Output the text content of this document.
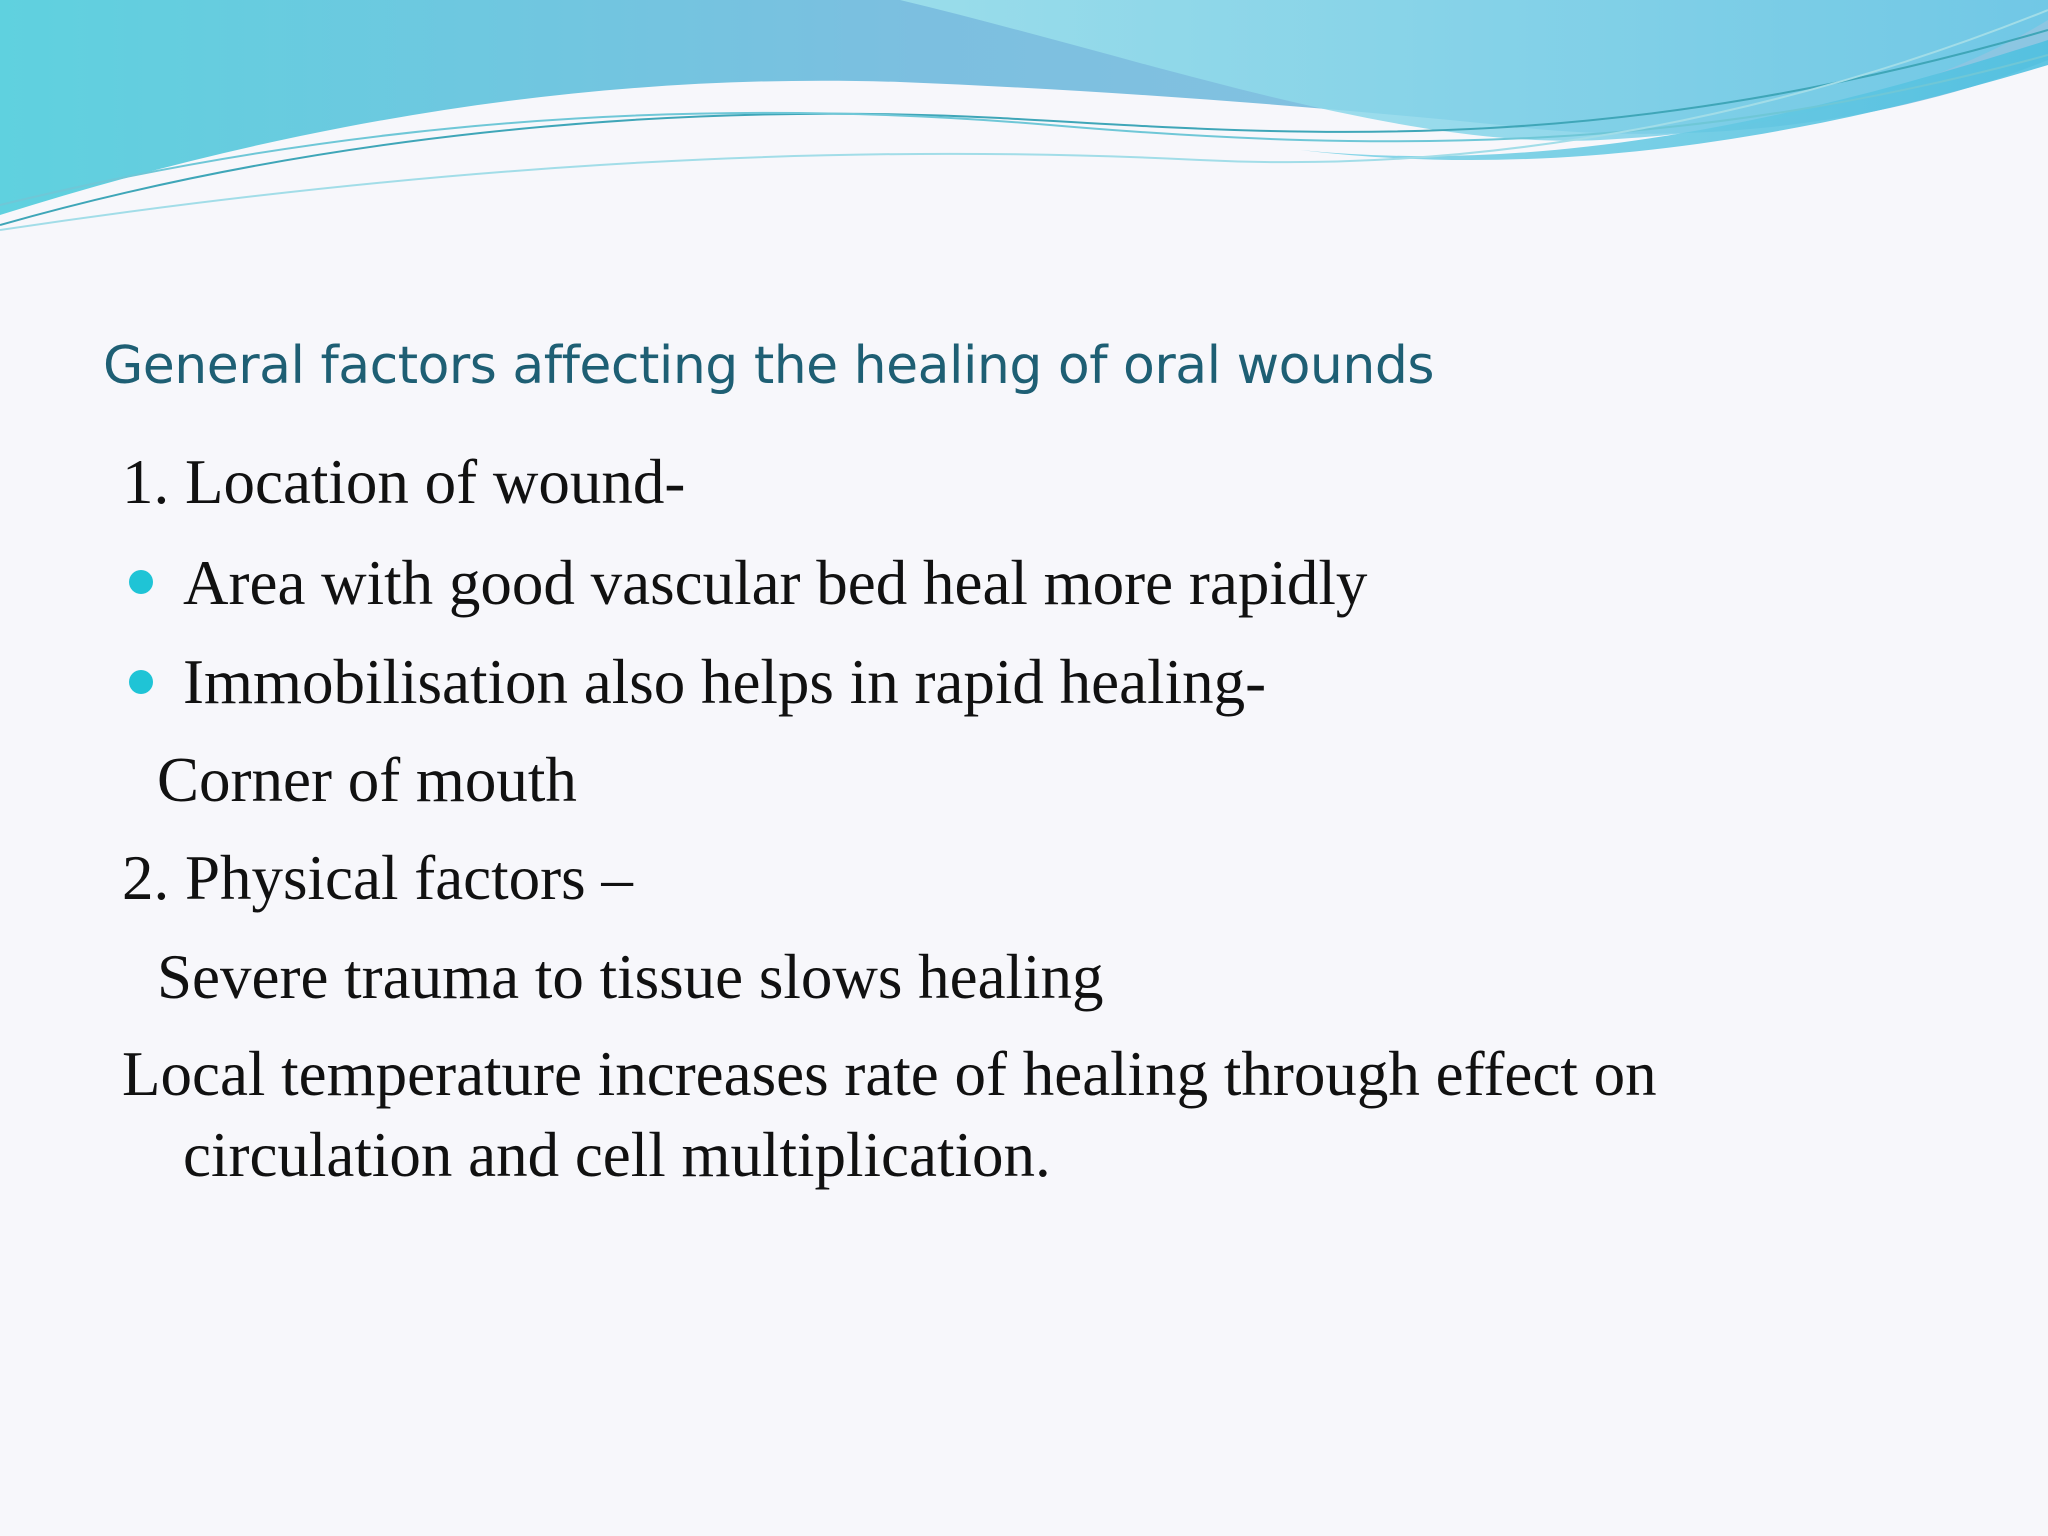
General factors affecting the healing of oral wounds
1. Location of wound-
Area with good vascular bed heal more rapidly
Immobilisation also helps in rapid healing-
Corner of mouth
2. Physical factors –
Severe trauma to tissue slows healing
Local temperature increases rate of healing through effect on
circulation and cell multiplication.
